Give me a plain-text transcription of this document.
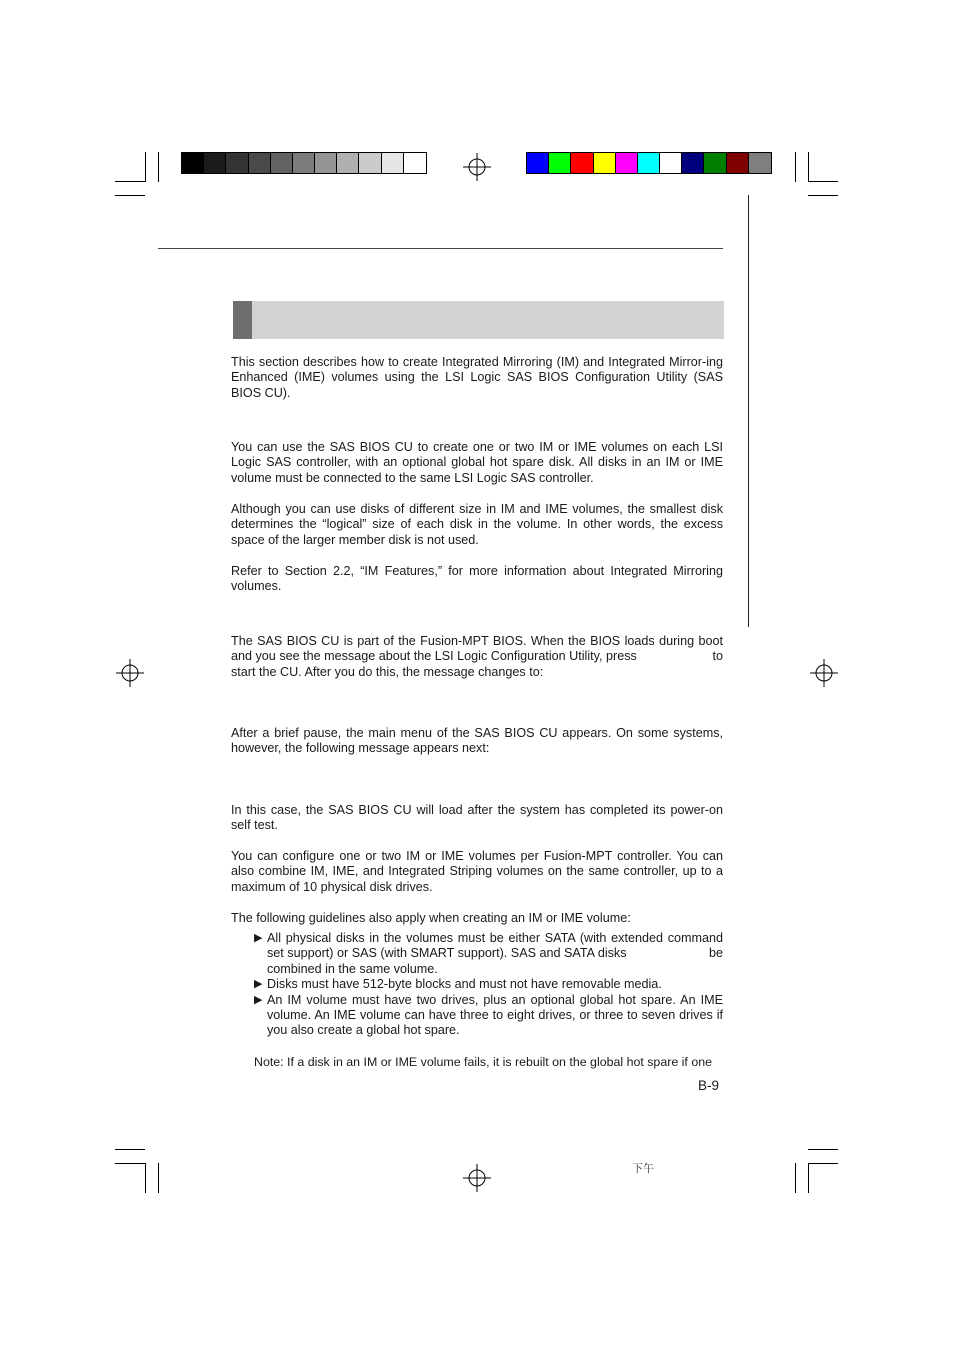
This section describes how to create Integrated Mirroring (IM) and Integrated Mirror-ing Enhanced (IME) volumes using the LSI Logic SAS BIOS Configuration Utility (SAS BIOS CU).
You can use the SAS BIOS CU to create one or two IM or IME volumes on each LSI Logic SAS controller, with an optional global hot spare disk. All disks in an IM or IME volume must be connected to the same LSI Logic SAS controller.
Although you can use disks of different size in IM and IME volumes, the smallest disk determines the “logical” size of each disk in the volume. In other words, the excess space of the larger member disk is not used.
Refer to Section 2.2, “IM Features,” for more information about Integrated Mirroring volumes.
The SAS BIOS CU is part of the Fusion-MPT BIOS. When the BIOS loads during boot
and you see the message about the LSI Logic Configuration Utility, press	to
start the CU. After you do this, the message changes to:
After a brief pause, the main menu of the SAS BIOS CU appears. On some systems, however, the following message appears next:
In this case, the SAS BIOS CU will load after the system has completed its power-on self test.
You can configure one or two IM or IME volumes per Fusion-MPT controller. You can also combine IM, IME, and Integrated Striping volumes on the same controller, up to a maximum of 10 physical disk drives.
The following guidelines also apply when creating an IM or IME volume:
▶ All physical disks in the volumes must be either SATA (with extended command set support) or SAS (with SMART support). SAS and SATA disks	be
combined in the same volume.
▶ Disks must have 512-byte blocks and must not have removable media.
▶ An IM volume must have two drives, plus an optional global hot spare. An IME volume. An IME volume can have three to eight drives, or three to seven drives if you also create a global hot spare.
Note: If a disk in an IM or IME volume fails, it is rebuilt on the global hot spare if one
B-9
下午
